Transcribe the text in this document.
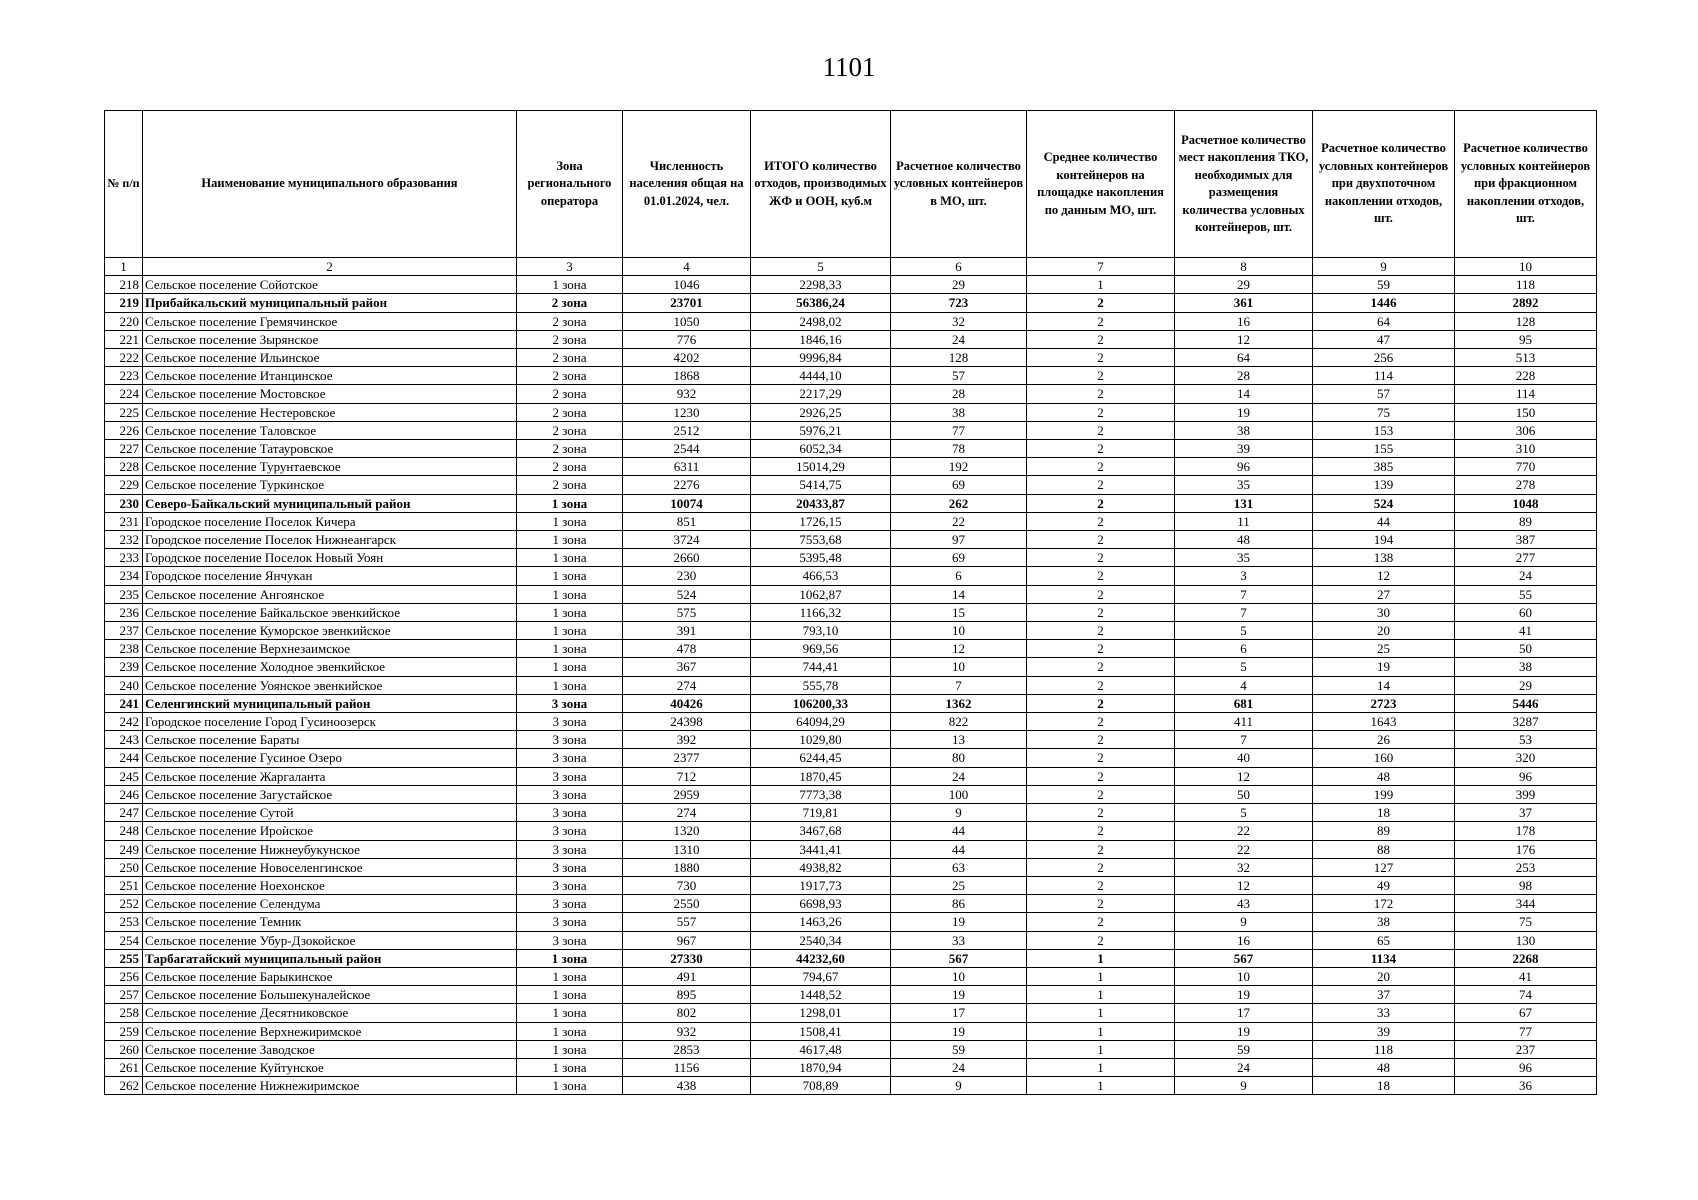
1101
№ п/п	Наименование муниципального образования	Зона регионального оператора	Численность населения общая на 01.01.2024, чел.	ИТОГО количество отходов, производимых ЖФ и ООН, куб.м	Расчетное количество условных контейнеров в МО, шт.	Среднее количество контейнеров на площадке накопления по данным МО, шт.	Расчетное количество мест накопления ТКО, необходимых для размещения количества условных контейнеров, шт.	Расчетное количество условных контейнеров при двухпоточном накоплении отходов, шт.	Расчетное количество условных контейнеров при фракционном накоплении отходов, шт.
1	2	3	4	5	6	7	8	9	10
218	Сельское поселение Сойотское	1 зона	1046	2298,33	29	1	29	59	118
219	Прибайкальский муниципальный район	2 зона	23701	56386,24	723	2	361	1446	2892
220	Сельское поселение Гремячинское	2 зона	1050	2498,02	32	2	16	64	128
221	Сельское поселение Зырянское	2 зона	776	1846,16	24	2	12	47	95
222	Сельское поселение Ильинское	2 зона	4202	9996,84	128	2	64	256	513
223	Сельское поселение Итанцинское	2 зона	1868	4444,10	57	2	28	114	228
224	Сельское поселение Мостовское	2 зона	932	2217,29	28	2	14	57	114
225	Сельское поселение Нестеровское	2 зона	1230	2926,25	38	2	19	75	150
226	Сельское поселение Таловское	2 зона	2512	5976,21	77	2	38	153	306
227	Сельское поселение Татауровское	2 зона	2544	6052,34	78	2	39	155	310
228	Сельское поселение Турунтаевское	2 зона	6311	15014,29	192	2	96	385	770
229	Сельское поселение Туркинское	2 зона	2276	5414,75	69	2	35	139	278
230	Северо-Байкальский муниципальный район	1 зона	10074	20433,87	262	2	131	524	1048
231	Городское поселение Поселок Кичера	1 зона	851	1726,15	22	2	11	44	89
232	Городское поселение Поселок Нижнеангарск	1 зона	3724	7553,68	97	2	48	194	387
233	Городское поселение Поселок Новый Уоян	1 зона	2660	5395,48	69	2	35	138	277
234	Городское поселение Янчукан	1 зона	230	466,53	6	2	3	12	24
235	Сельское поселение Ангоянское	1 зона	524	1062,87	14	2	7	27	55
236	Сельское поселение Байкальское эвенкийское	1 зона	575	1166,32	15	2	7	30	60
237	Сельское поселение Куморское эвенкийское	1 зона	391	793,10	10	2	5	20	41
238	Сельское поселение Верхнезаимское	1 зона	478	969,56	12	2	6	25	50
239	Сельское поселение Холодное эвенкийское	1 зона	367	744,41	10	2	5	19	38
240	Сельское поселение Уоянское эвенкийское	1 зона	274	555,78	7	2	4	14	29
241	Селенгинский муниципальный район	3 зона	40426	106200,33	1362	2	681	2723	5446
242	Городское поселение Город Гусиноозерск	3 зона	24398	64094,29	822	2	411	1643	3287
243	Сельское поселение Бараты	3 зона	392	1029,80	13	2	7	26	53
244	Сельское поселение Гусиное Озеро	3 зона	2377	6244,45	80	2	40	160	320
245	Сельское поселение Жаргаланта	3 зона	712	1870,45	24	2	12	48	96
246	Сельское поселение Загустайское	3 зона	2959	7773,38	100	2	50	199	399
247	Сельское поселение Сутой	3 зона	274	719,81	9	2	5	18	37
248	Сельское поселение Ироѝское	3 зона	1320	3467,68	44	2	22	89	178
249	Сельское поселение Нижнеубукунское	3 зона	1310	3441,41	44	2	22	88	176
250	Сельское поселение Новоселенгинское	3 зона	1880	4938,82	63	2	32	127	253
251	Сельское поселение Ноехонское	3 зона	730	1917,73	25	2	12	49	98
252	Сельское поселение Селендума	3 зона	2550	6698,93	86	2	43	172	344
253	Сельское поселение Темник	3 зона	557	1463,26	19	2	9	38	75
254	Сельское поселение Убур-Дзокойское	3 зона	967	2540,34	33	2	16	65	130
255	Тарбагатайский муниципальный район	1 зона	27330	44232,60	567	1	567	1134	2268
256	Сельское поселение Барыкинское	1 зона	491	794,67	10	1	10	20	41
257	Сельское поселение Большекуналейское	1 зона	895	1448,52	19	1	19	37	74
258	Сельское поселение Десятниковское	1 зона	802	1298,01	17	1	17	33	67
259	Сельское поселение Верхнежиримское	1 зона	932	1508,41	19	1	19	39	77
260	Сельское поселение Заводское	1 зона	2853	4617,48	59	1	59	118	237
261	Сельское поселение Куйтунское	1 зона	1156	1870,94	24	1	24	48	96
262	Сельское поселение Нижнежиримское	1 зона	438	708,89	9	1	9	18	36
